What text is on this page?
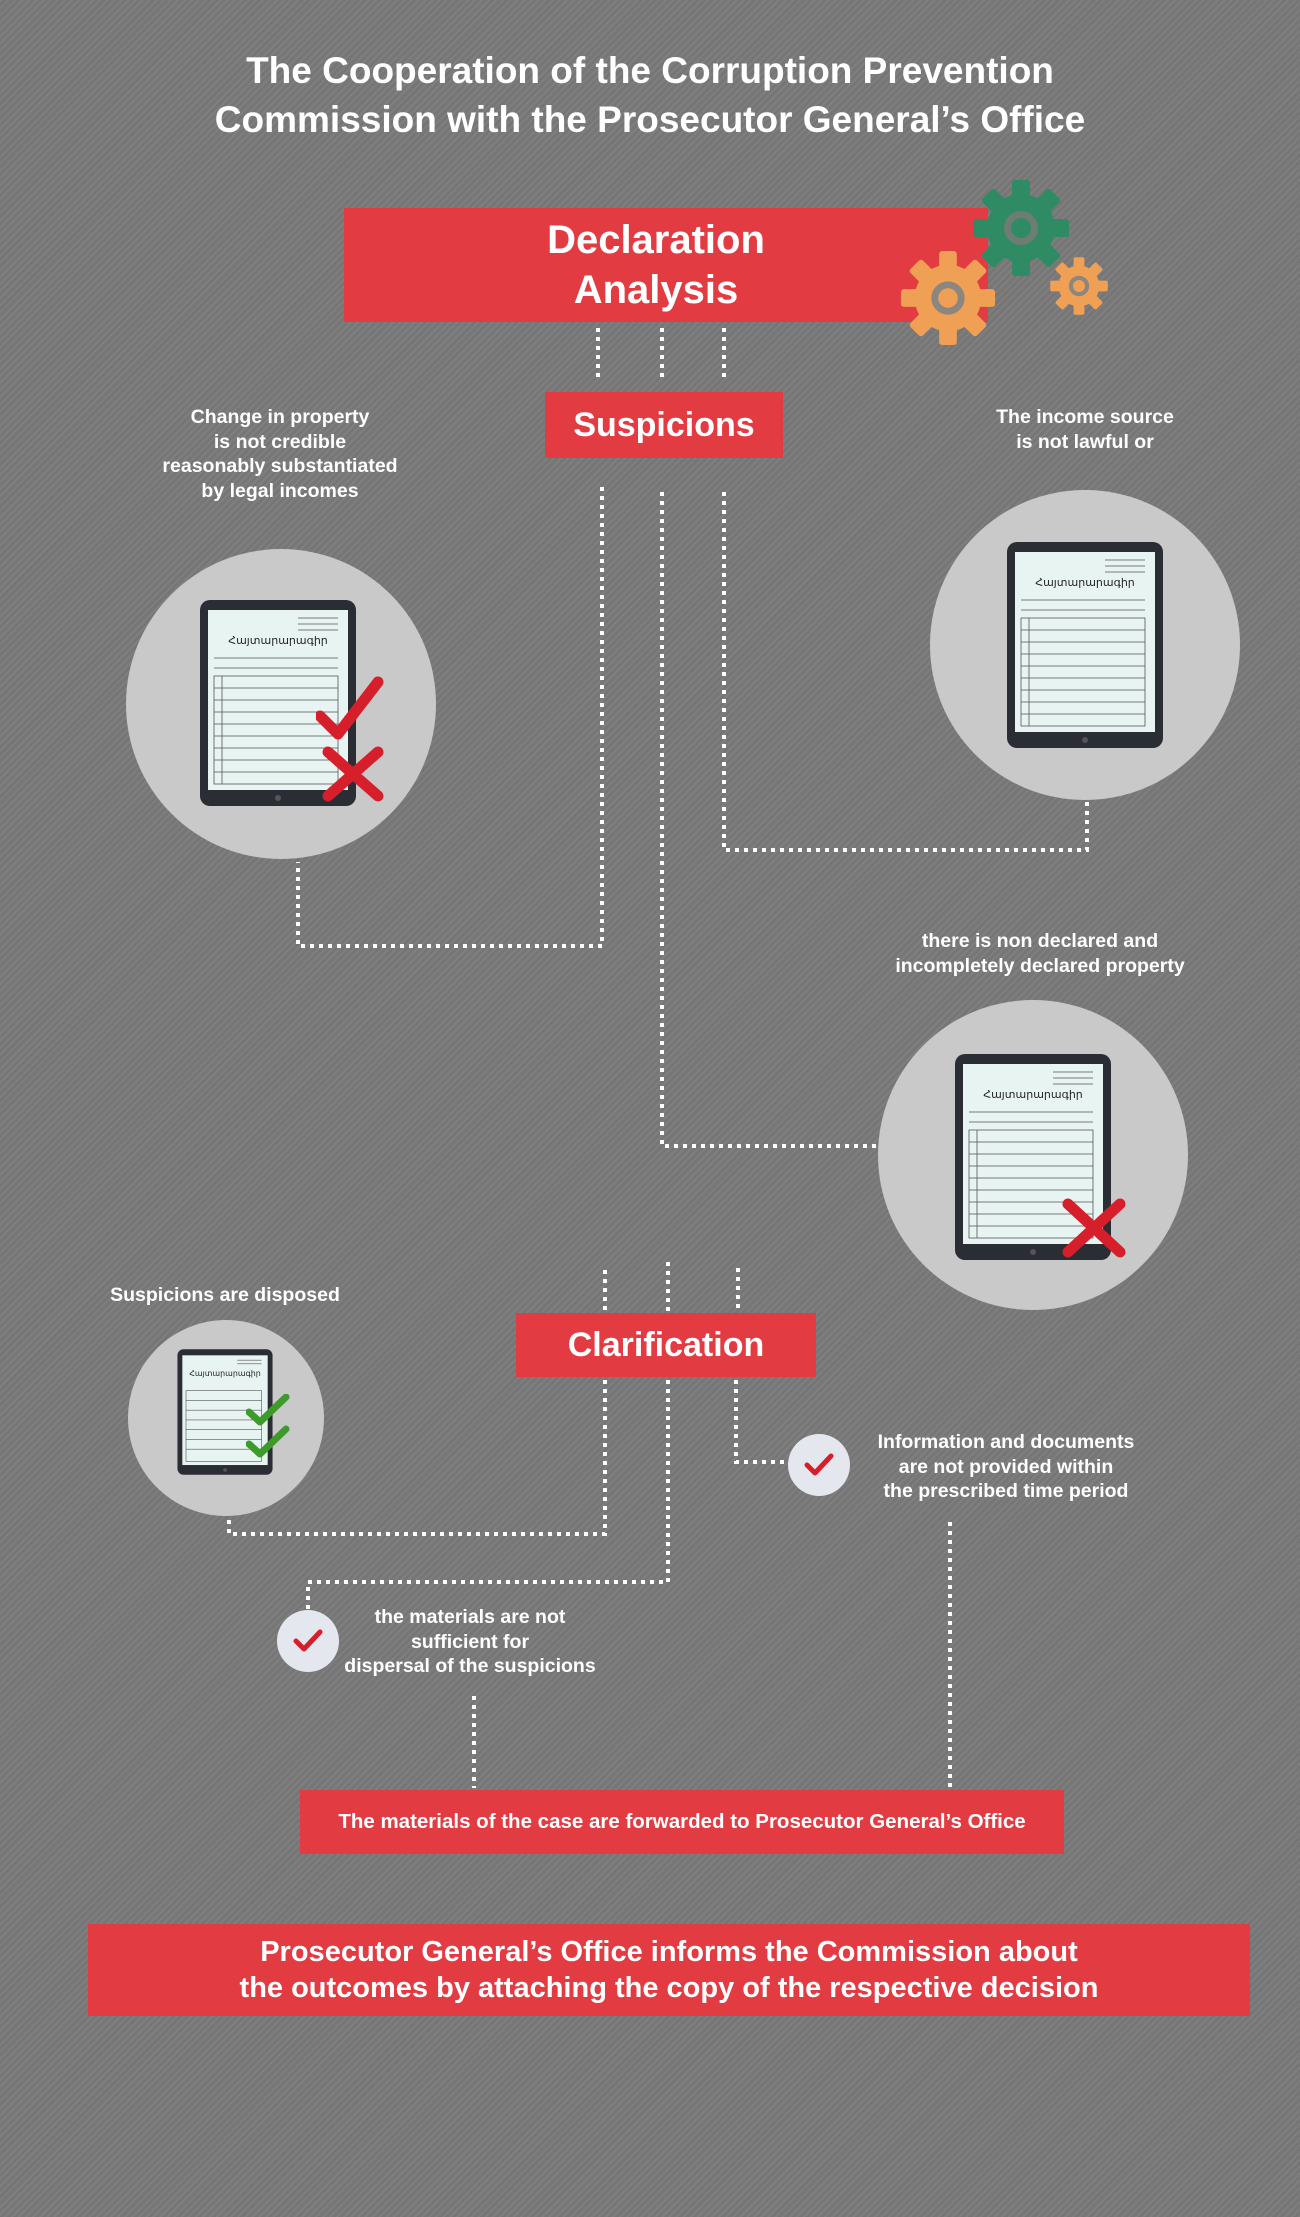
The Cooperation of the Corruption Prevention
Commission with the Prosecutor General’s Office
Declaration
Analysis
Suspicions
Change in property
is not credible
reasonably substantiated
by legal incomes
The income source
is not lawful or
Հայտարարագիր
Հայտարարագիր
there is non declared and
incompletely declared property
Հայտարարագիր
Suspicions are disposed
Հայտարարագիր
Clarification
Information and documents
are not provided within
the prescribed time period
the materials are not
sufficient for
dispersal of the suspicions
The materials of the case are forwarded to Prosecutor General’s Office
Prosecutor General’s Office informs the Commission about
the outcomes by attaching the copy of the respective decision
